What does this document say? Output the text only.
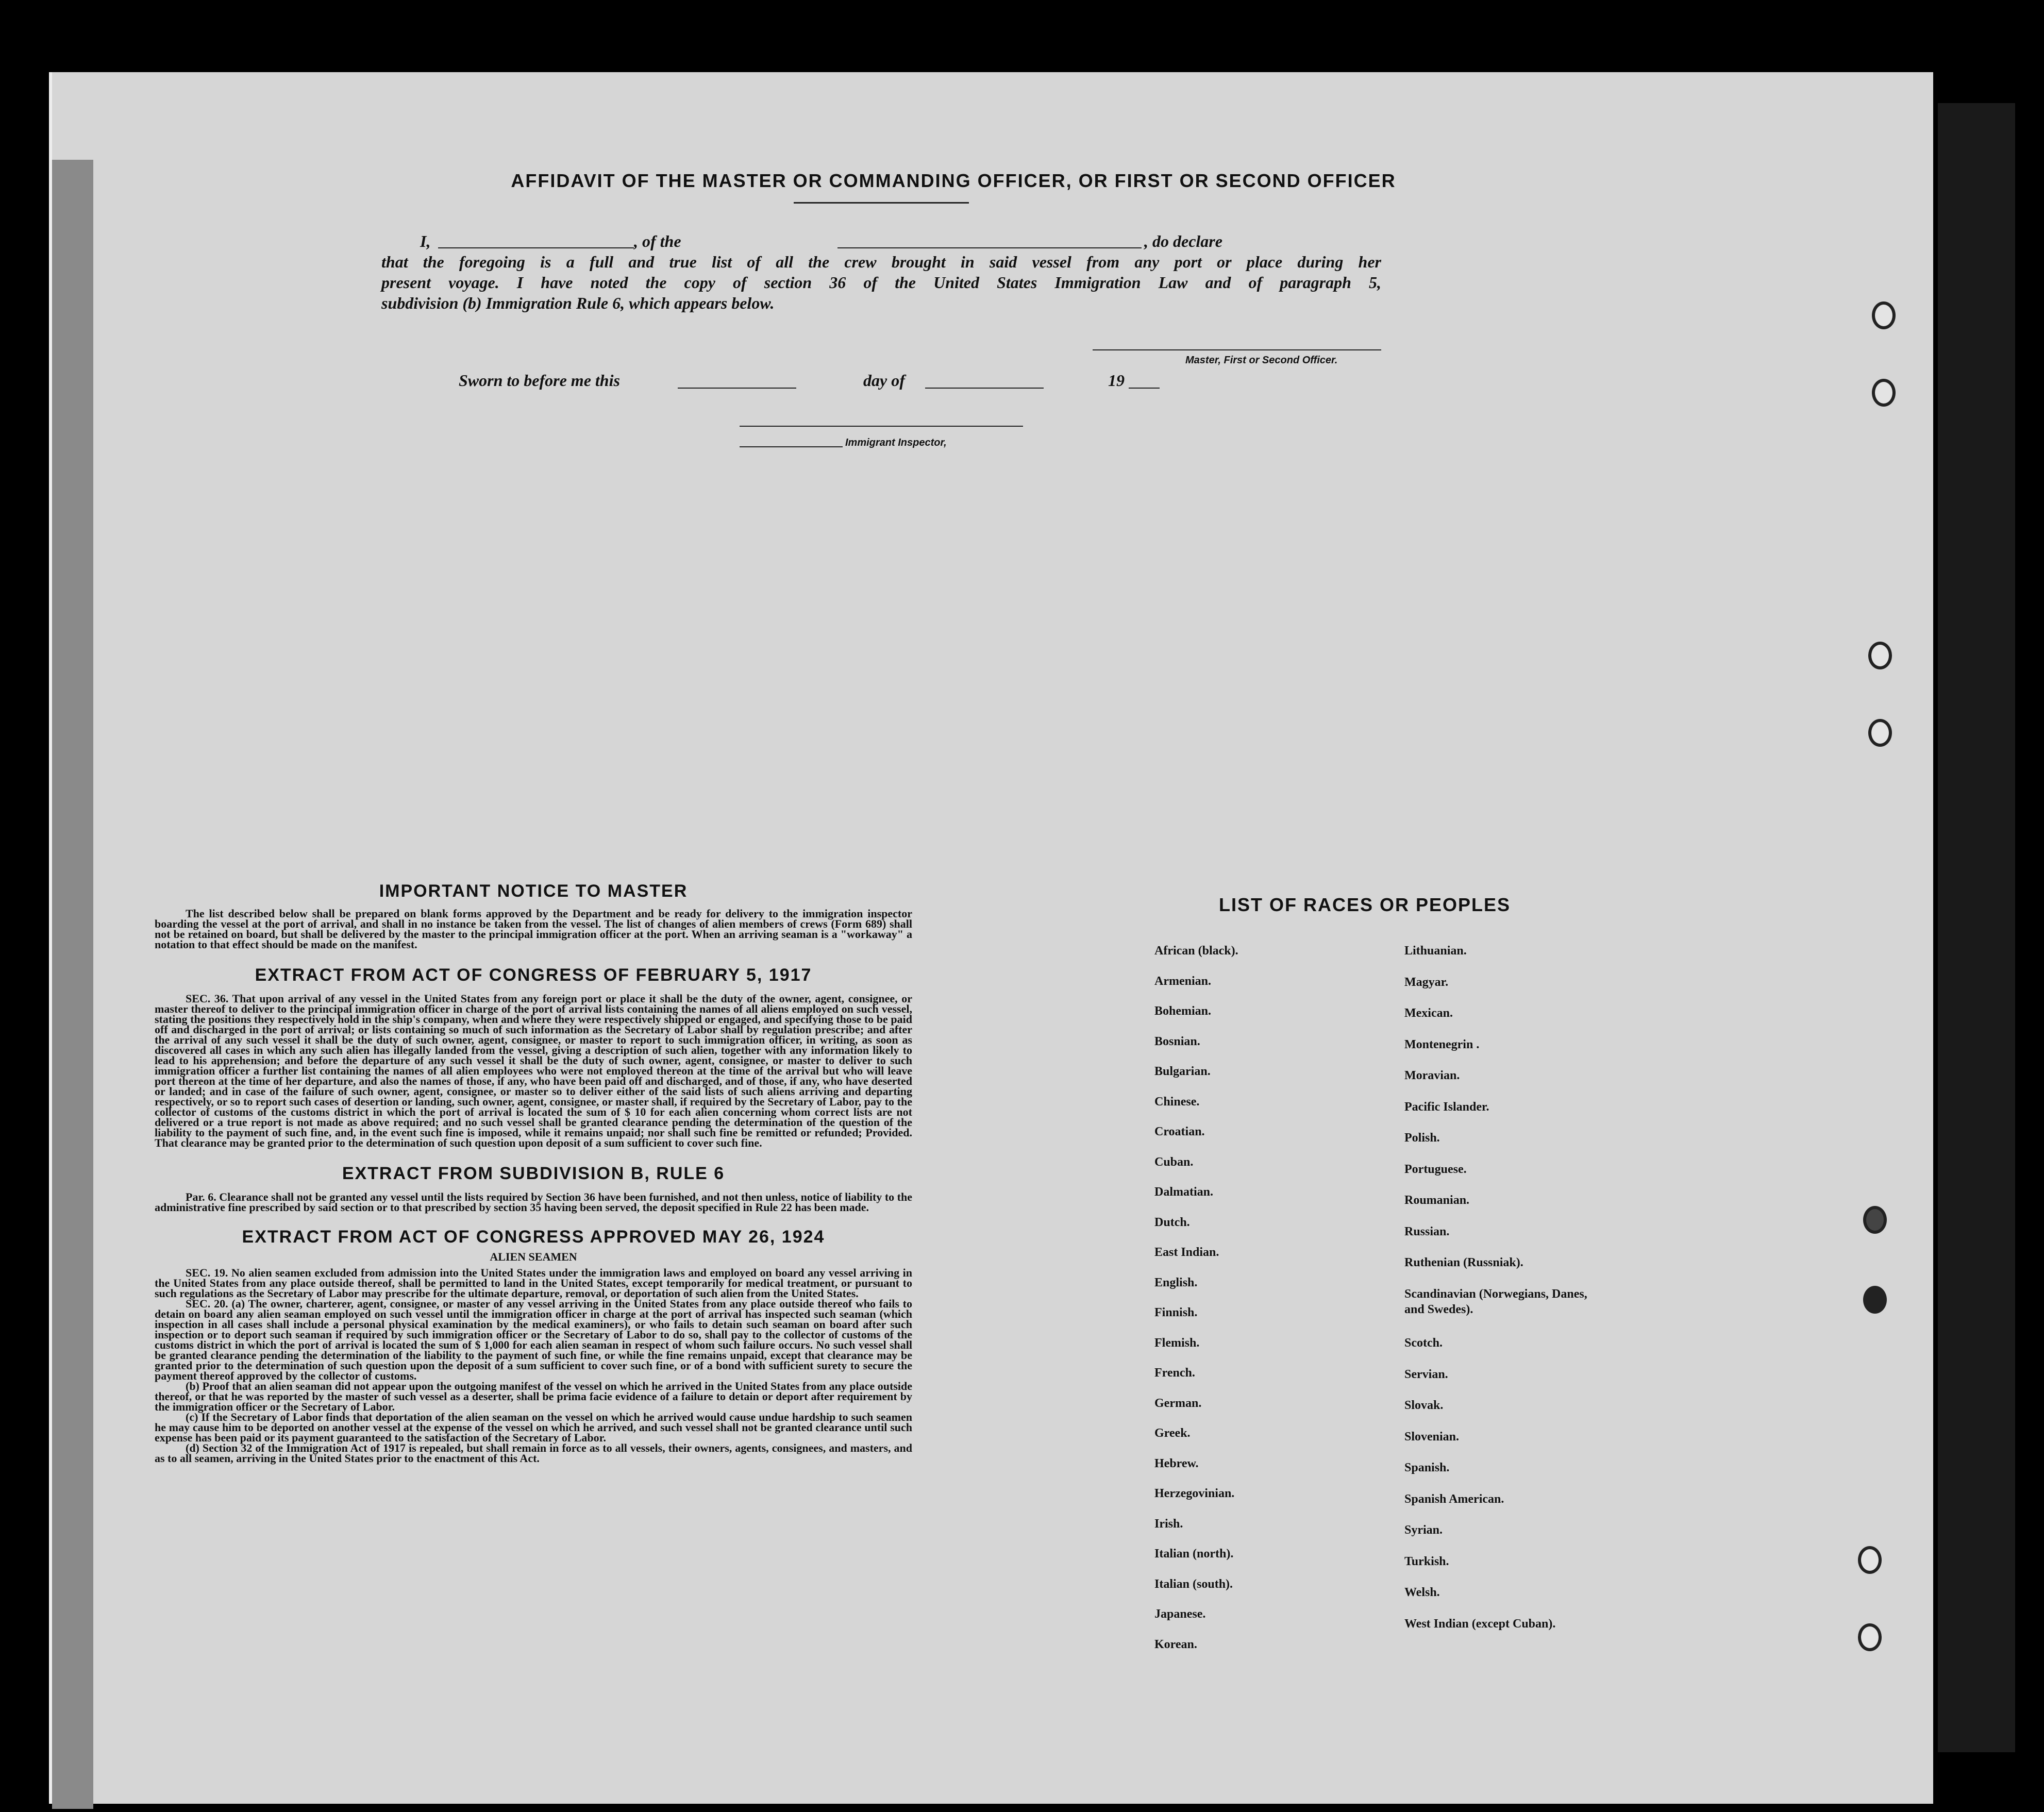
AFFIDAVIT OF THE MASTER OR COMMANDING OFFICER, OR FIRST OR SECOND OFFICER
I,	, of the	, do declare
that the foregoing is a full and true list of all the crew brought in said vessel from any port or place during her
present voyage. I have noted the copy of section 36 of the United States Immigration Law and of paragraph 5,
subdivision (b) Immigration Rule 6, which appears below.
Master, First or Second Officer.
Sworn to before me this	day of	19
Immigrant Inspector,
IMPORTANT NOTICE TO MASTER
The list described below shall be prepared on blank forms approved by the Department and be ready for delivery to the immigration inspector boarding the vessel at the port of arrival, and shall in no instance be taken from the vessel. The list of changes of alien members of crews (Form 689) shall not be retained on board, but shall be delivered by the master to the principal immigration officer at the port. When an arriving seaman is a "workaway" a notation to that effect should be made on the manifest.
EXTRACT FROM ACT OF CONGRESS OF FEBRUARY 5, 1917
SEC. 36. That upon arrival of any vessel in the United States from any foreign port or place it shall be the duty of the owner, agent, consignee, or master thereof to deliver to the principal immigration officer in charge of the port of arrival lists containing the names of all aliens employed on such vessel, stating the positions they respectively hold in the ship's company, when and where they were respectively shipped or engaged, and specifying those to be paid off and discharged in the port of arrival; or lists containing so much of such information as the Secretary of Labor shall by regulation prescribe; and after the arrival of any such vessel it shall be the duty of such owner, agent, consignee, or master to report to such immigration officer, in writing, as soon as discovered all cases in which any such alien has illegally landed from the vessel, giving a description of such alien, together with any information likely to lead to his apprehension; and before the departure of any such vessel it shall be the duty of such owner, agent, consignee, or master to deliver to such immigration officer a further list containing the names of all alien employees who were not employed thereon at the time of the arrival but who will leave port thereon at the time of her departure, and also the names of those, if any, who have been paid off and discharged, and of those, if any, who have deserted or landed; and in case of the failure of such owner, agent, consignee, or master so to deliver either of the said lists of such aliens arriving and departing respectively, or so to report such cases of desertion or landing, such owner, agent, consignee, or master shall, if required by the Secretary of Labor, pay to the collector of customs of the customs district in which the port of arrival is located the sum of $ 10 for each alien concerning whom correct lists are not delivered or a true report is not made as above required; and no such vessel shall be granted clearance pending the determination of the question of the liability to the payment of such fine, and, in the event such fine is imposed, while it remains unpaid; nor shall such fine be remitted or refunded; Provided. That clearance may be granted prior to the determination of such question upon deposit of a sum sufficient to cover such fine.
EXTRACT FROM SUBDIVISION B, RULE 6
Par. 6. Clearance shall not be granted any vessel until the lists required by Section 36 have been furnished, and not then unless, notice of liability to the administrative fine prescribed by said section or to that prescribed by section 35 having been served, the deposit specified in Rule 22 has been made.
EXTRACT FROM ACT OF CONGRESS APPROVED MAY 26, 1924
ALIEN SEAMEN
SEC. 19. No alien seamen excluded from admission into the United States under the immigration laws and employed on board any vessel arriving in the United States from any place outside thereof, shall be permitted to land in the United States, except temporarily for medical treatment, or pursuant to such regulations as the Secretary of Labor may prescribe for the ultimate departure, removal, or deportation of such alien from the United States.
SEC. 20. (a) The owner, charterer, agent, consignee, or master of any vessel arriving in the United States from any place outside thereof who fails to detain on board any alien seaman employed on such vessel until the immigration officer in charge at the port of arrival has inspected such seaman (which inspection in all cases shall include a personal physical examination by the medical examiners), or who fails to detain such seaman on board after such inspection or to deport such seaman if required by such immigration officer or the Secretary of Labor to do so, shall pay to the collector of customs of the customs district in which the port of arrival is located the sum of $ 1,000 for each alien seaman in respect of whom such failure occurs. No such vessel shall be granted clearance pending the determination of the liability to the payment of such fine, or while the fine remains unpaid, except that clearance may be granted prior to the determination of such question upon the deposit of a sum sufficient to cover such fine, or of a bond with sufficient surety to secure the payment thereof approved by the collector of customs.
(b) Proof that an alien seaman did not appear upon the outgoing manifest of the vessel on which he arrived in the United States from any place outside thereof, or that he was reported by the master of such vessel as a deserter, shall be prima facie evidence of a failure to detain or deport after requirement by the immigration officer or the Secretary of Labor.
(c) If the Secretary of Labor finds that deportation of the alien seaman on the vessel on which he arrived would cause undue hardship to such seamen he may cause him to be deported on another vessel at the expense of the vessel on which he arrived, and such vessel shall not be granted clearance until such expense has been paid or its payment guaranteed to the satisfaction of the Secretary of Labor.
(d) Section 32 of the Immigration Act of 1917 is repealed, but shall remain in force as to all vessels, their owners, agents, consignees, and masters, and as to all seamen, arriving in the United States prior to the enactment of this Act.
LIST OF RACES OR PEOPLES
African (black).
Armenian.
Bohemian.
Bosnian.
Bulgarian.
Chinese.
Croatian.
Cuban.
Dalmatian.
Dutch.
East Indian.
English.
Finnish.
Flemish.
French.
German.
Greek.
Hebrew.
Herzegovinian.
Irish.
Italian (north).
Italian (south).
Japanese.
Korean.
Lithuanian.
Magyar.
Mexican.
Montenegrin .
Moravian.
Pacific Islander.
Polish.
Portuguese.
Roumanian.
Russian.
Ruthenian (Russniak).
Scandinavian (Norwegians, Danes, and Swedes).
Scotch.
Servian.
Slovak.
Slovenian.
Spanish.
Spanish American.
Syrian.
Turkish.
Welsh.
West Indian (except Cuban).
